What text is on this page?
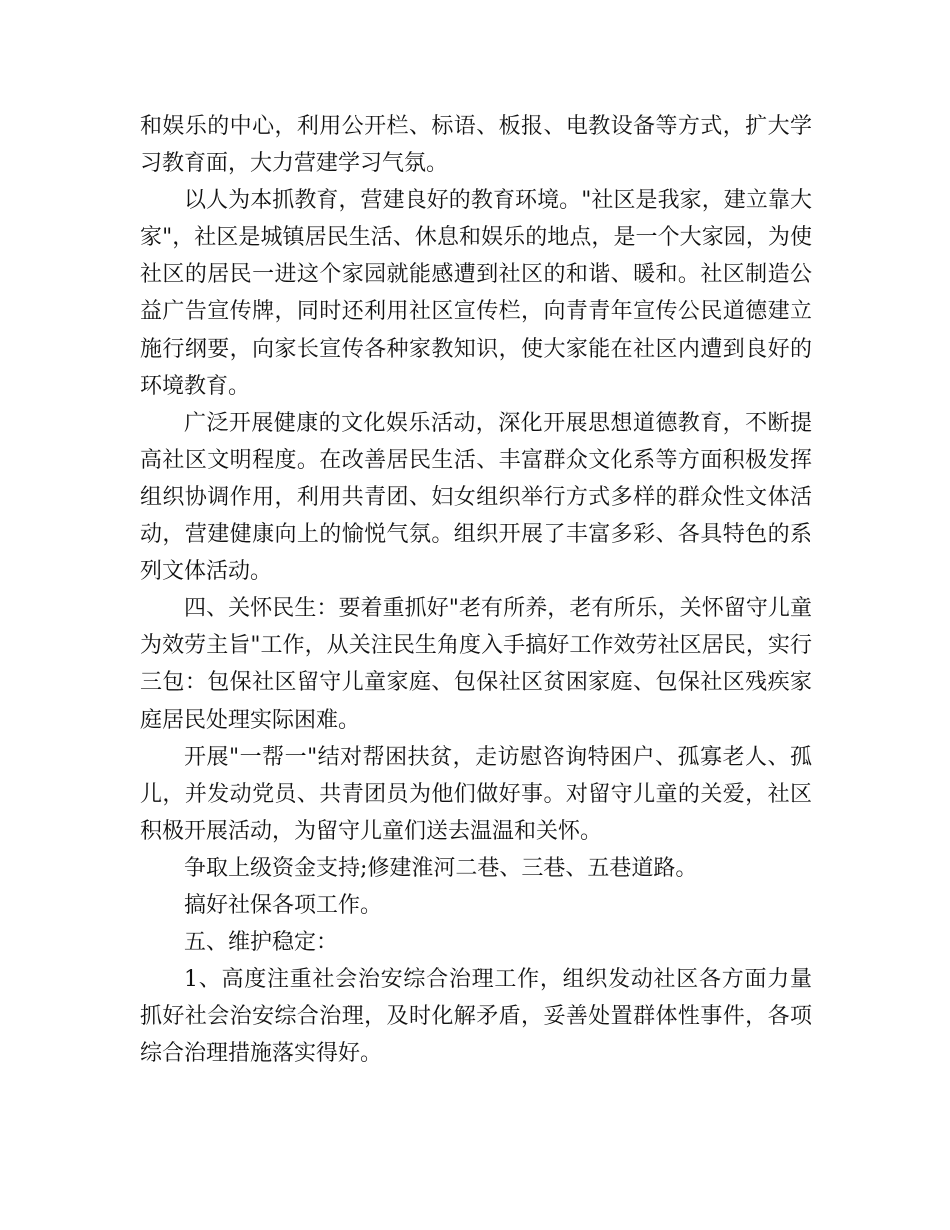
和娱乐的中心，利用公开栏、标语、板报、电教设备等方式，扩大学习教育面，大力营建学习气氛。

以人为本抓教育，营建良好的教育环境。"社区是我家，建立靠大家"，社区是城镇居民生活、休息和娱乐的地点，是一个大家园，为使社区的居民一进这个家园就能感遭到社区的和谐、暖和。社区制造公益广告宣传牌，同时还利用社区宣传栏，向青青年宣传公民道德建立施行纲要，向家长宣传各种家教知识，使大家能在社区内遭到良好的环境教育。

广泛开展健康的文化娱乐活动，深化开展思想道德教育，不断提高社区文明程度。在改善居民生活、丰富群众文化系等方面积极发挥组织协调作用，利用共青团、妇女组织举行方式多样的群众性文体活动，营建健康向上的愉悦气氛。组织开展了丰富多彩、各具特色的系列文体活动。

四、关怀民生：要着重抓好"老有所养，老有所乐，关怀留守儿童为效劳主旨"工作，从关注民生角度入手搞好工作效劳社区居民，实行三包：包保社区留守儿童家庭、包保社区贫困家庭、包保社区残疾家庭居民处理实际困难。

开展"一帮一"结对帮困扶贫，走访慰咨询特困户、孤寡老人、孤儿，并发动党员、共青团员为他们做好事。对留守儿童的关爱，社区积极开展活动，为留守儿童们送去温温和关怀。

争取上级资金支持;修建淮河二巷、三巷、五巷道路。

搞好社保各项工作。

五、维护稳定：

1、高度注重社会治安综合治理工作，组织发动社区各方面力量抓好社会治安综合治理，及时化解矛盾，妥善处置群体性事件，各项综合治理措施落实得好。
